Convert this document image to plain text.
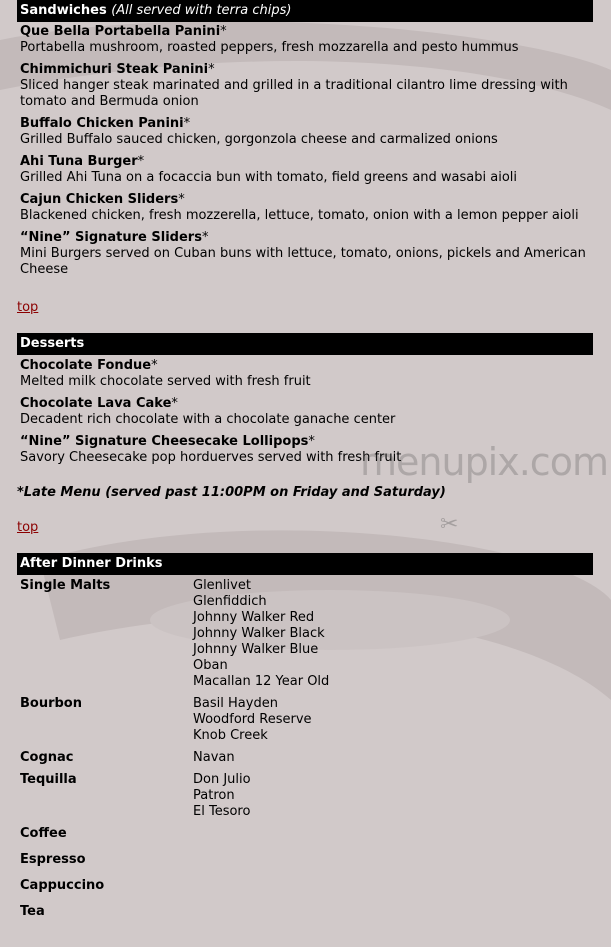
Sandwiches (All served with terra chips)
Que Bella Portabella Panini*
Portabella mushroom, roasted peppers, fresh mozzarella and pesto hummus
Chimmichuri Steak Panini*
Sliced hanger steak marinated and grilled in a traditional cilantro lime dressing with tomato and Bermuda onion
Buffalo Chicken Panini*
Grilled Buffalo sauced chicken, gorgonzola cheese and carmalized onions
Ahi Tuna Burger*
Grilled Ahi Tuna on a focaccia bun with tomato, field greens and wasabi aioli
Cajun Chicken Sliders*
Blackened chicken, fresh mozzerella, lettuce, tomato, onion with a lemon pepper aioli
“Nine” Signature Sliders*
Mini Burgers served on Cuban buns with lettuce, tomato, onions, pickels and American Cheese
top
Desserts
Chocolate Fondue*
Melted milk chocolate served with fresh fruit
Chocolate Lava Cake*
Decadent rich chocolate with a chocolate ganache center
“Nine” Signature Cheesecake Lollipops*
Savory Cheesecake pop horduerves served with fresh fruit
*Late Menu (served past 11:00PM on Friday and Saturday)
top
After Dinner Drinks
Single Malts	Glenlivet
Glenfiddich
Johnny Walker Red
Johnny Walker Black
Johnny Walker Blue
Oban
Macallan 12 Year Old
Bourbon	Basil Hayden
Woodford Reserve
Knob Creek
Cognac	Navan
Tequilla	Don Julio
Patron
El Tesoro
Coffee
Espresso
Cappuccino
Tea
menupix.com
✂
